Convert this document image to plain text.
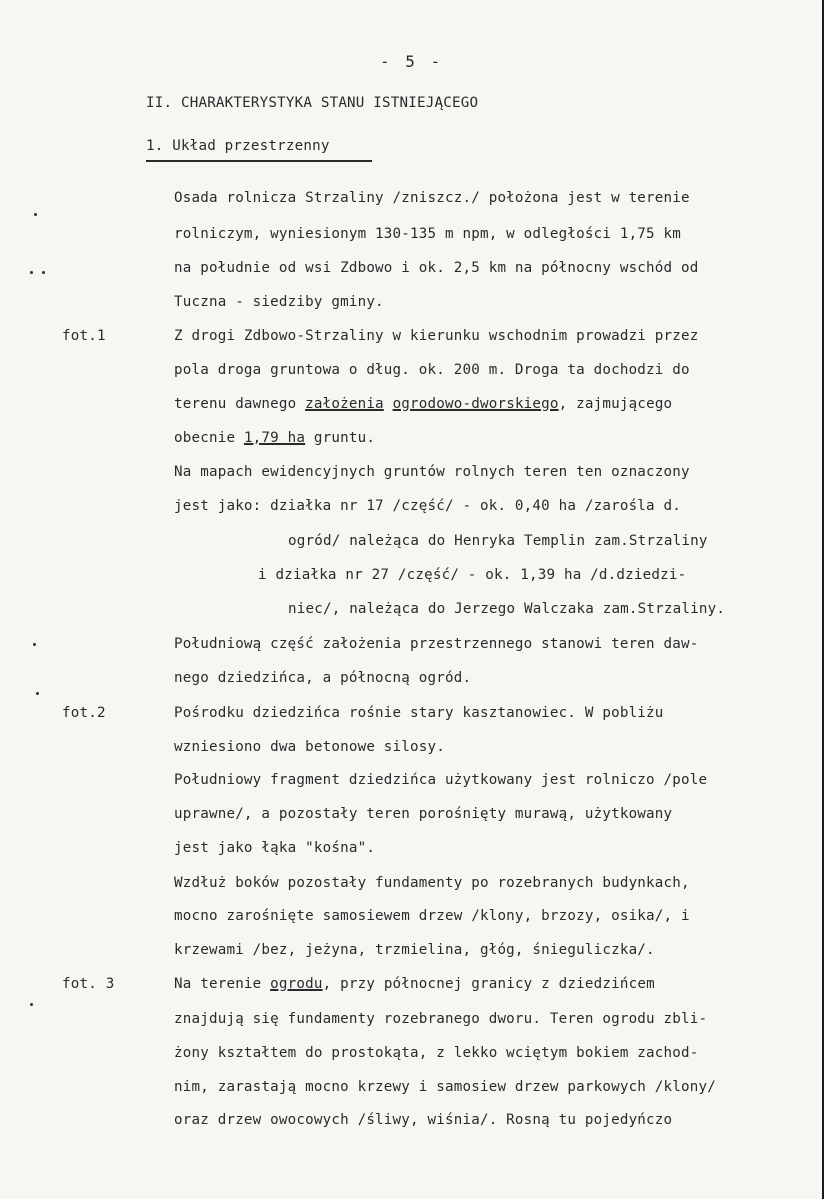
- 5 -
II. CHARAKTERYSTYKA STANU ISTNIEJĄCEGO
1. Układ przestrzenny
Osada rolnicza Strzaliny /zniszcz./ położona jest w terenie
rolniczym, wyniesionym 130-135 m npm, w odległości 1,75 km
na południe od wsi Zdbowo i ok. 2,5 km na północny wschód od
Tuczna - siedziby gminy.
fot.1	Z drogi Zdbowo-Strzaliny w kierunku wschodnim prowadzi przez
pola droga gruntowa o dług. ok. 200 m. Droga ta dochodzi do
terenu dawnego założenia ogrodowo-dworskiego, zajmującego
obecnie 1,79 ha gruntu.
Na mapach ewidencyjnych gruntów rolnych teren ten oznaczony
jest jako: działka nr 17 /część/ - ok. 0,40 ha /zarośla d.
ogród/ należąca do Henryka Templin zam.Strzaliny
i działka nr 27 /część/ - ok. 1,39 ha /d.dziedzi-
niec/, należąca do Jerzego Walczaka zam.Strzaliny.
Południową część założenia przestrzennego stanowi teren daw-
nego dziedzińca, a północną ogród.
fot.2	Pośrodku dziedzińca rośnie stary kasztanowiec. W pobliżu
wzniesiono dwa betonowe silosy.
Południowy fragment dziedzińca użytkowany jest rolniczo /pole
uprawne/, a pozostały teren porośnięty murawą, użytkowany
jest jako łąka "kośna".
Wzdłuż boków pozostały fundamenty po rozebranych budynkach,
mocno zarośnięte samosiewem drzew /klony, brzozy, osika/, i
krzewami /bez, jeżyna, trzmielina, głóg, śnieguliczka/.
fot. 3	Na terenie ogrodu, przy północnej granicy z dziedzińcem
znajdują się fundamenty rozebranego dworu. Teren ogrodu zbli-
żony kształtem do prostokąta, z lekko wciętym bokiem zachod-
nim, zarastają mocno krzewy i samosiew drzew parkowych /klony/
oraz drzew owocowych /śliwy, wiśnia/. Rosną tu pojedyńczo
